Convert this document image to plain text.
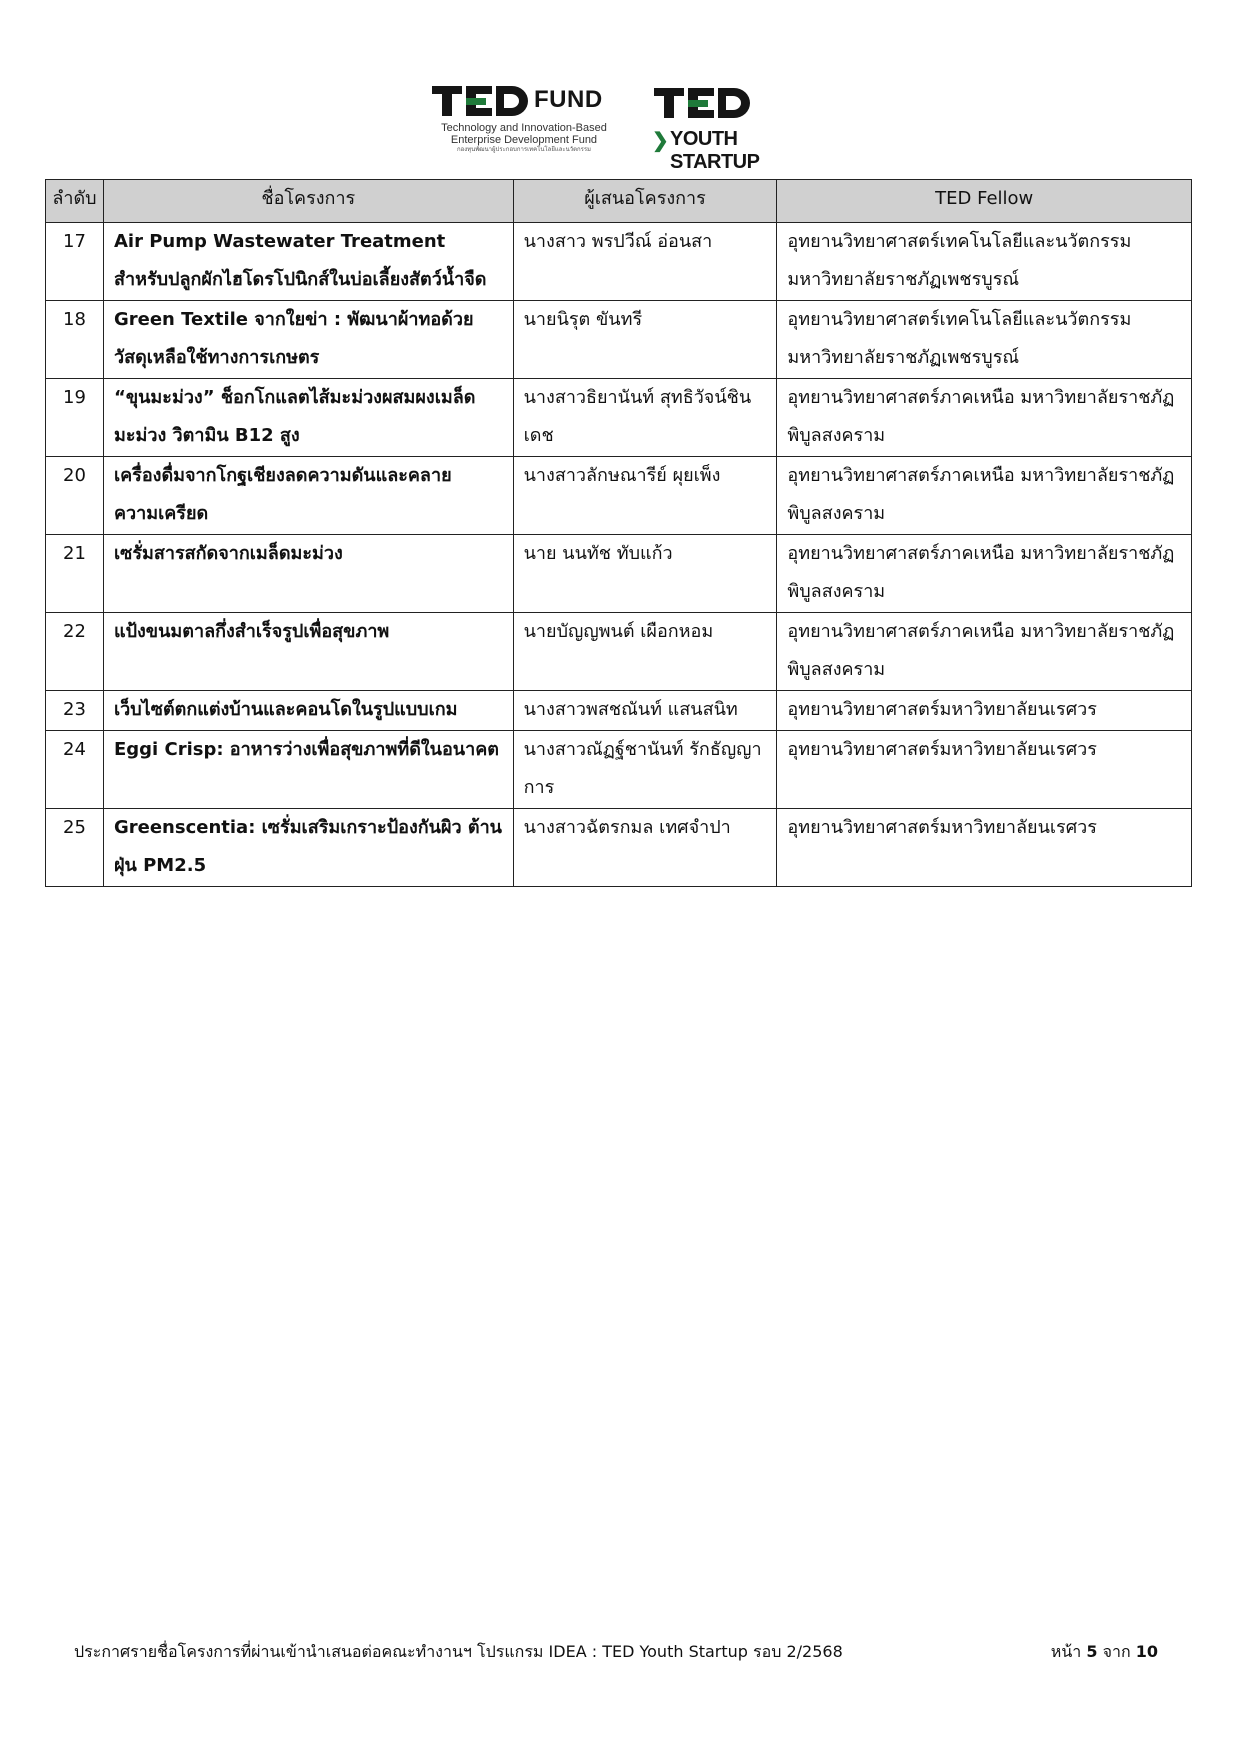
FUND
Technology and Innovation-Based
Enterprise Development Fund
กองทุนพัฒนาผู้ประกอบการเทคโนโลยีและนวัตกรรม	❯ YOUTH STARTUP
ลำดับ	ชื่อโครงการ	ผู้เสนอโครงการ	TED Fellow
17	Air Pump Wastewater Treatment สำหรับปลูกผักไฮโดรโปนิกส์ในบ่อเลี้ยงสัตว์น้ำจืด	นางสาว พรปวีณ์ อ่อนสา	อุทยานวิทยาศาสตร์เทคโนโลยีและนวัตกรรม มหาวิทยาลัยราชภัฏเพชรบูรณ์
18	Green Textile จากใยข่า : พัฒนาผ้าทอด้วยวัสดุเหลือใช้ทางการเกษตร	นายนิรุต ขันทรี	อุทยานวิทยาศาสตร์เทคโนโลยีและนวัตกรรม มหาวิทยาลัยราชภัฏเพชรบูรณ์
19	“ขุนมะม่วง” ช็อกโกแลตไส้มะม่วงผสมผงเมล็ดมะม่วง วิตามิน B12 สูง	นางสาวธิยานันท์ สุทธิวัจน์ชินเดช	อุทยานวิทยาศาสตร์ภาคเหนือ มหาวิทยาลัยราชภัฏพิบูลสงคราม
20	เครื่องดื่มจากโกฐเชียงลดความดันและคลายความเครียด	นางสาวลักษณารีย์ ผุยเพ็ง	อุทยานวิทยาศาสตร์ภาคเหนือ มหาวิทยาลัยราชภัฏพิบูลสงคราม
21	เซรั่มสารสกัดจากเมล็ดมะม่วง	นาย นนทัช ทับแก้ว	อุทยานวิทยาศาสตร์ภาคเหนือ มหาวิทยาลัยราชภัฏพิบูลสงคราม
22	แป้งขนมตาลกึ่งสำเร็จรูปเพื่อสุขภาพ	นายบัญญพนต์ เผือกหอม	อุทยานวิทยาศาสตร์ภาคเหนือ มหาวิทยาลัยราชภัฏพิบูลสงคราม
23	เว็บไซต์ตกแต่งบ้านและคอนโดในรูปแบบเกม	นางสาวพสชณันท์ แสนสนิท	อุทยานวิทยาศาสตร์มหาวิทยาลัยนเรศวร
24	Eggi Crisp: อาหารว่างเพื่อสุขภาพที่ดีในอนาคต	นางสาวณัฏฐ์ชานันท์ รักธัญญาการ	อุทยานวิทยาศาสตร์มหาวิทยาลัยนเรศวร
25	Greenscentia: เซรั่มเสริมเกราะป้องกันผิว ต้านฝุ่น PM2.5	นางสาวฉัตรกมล เทศจำปา	อุทยานวิทยาศาสตร์มหาวิทยาลัยนเรศวร
ประกาศรายชื่อโครงการที่ผ่านเข้านำเสนอต่อคณะทำงานฯ โปรแกรม IDEA : TED Youth Startup รอบ 2/2568	หน้า 5 จาก 10
